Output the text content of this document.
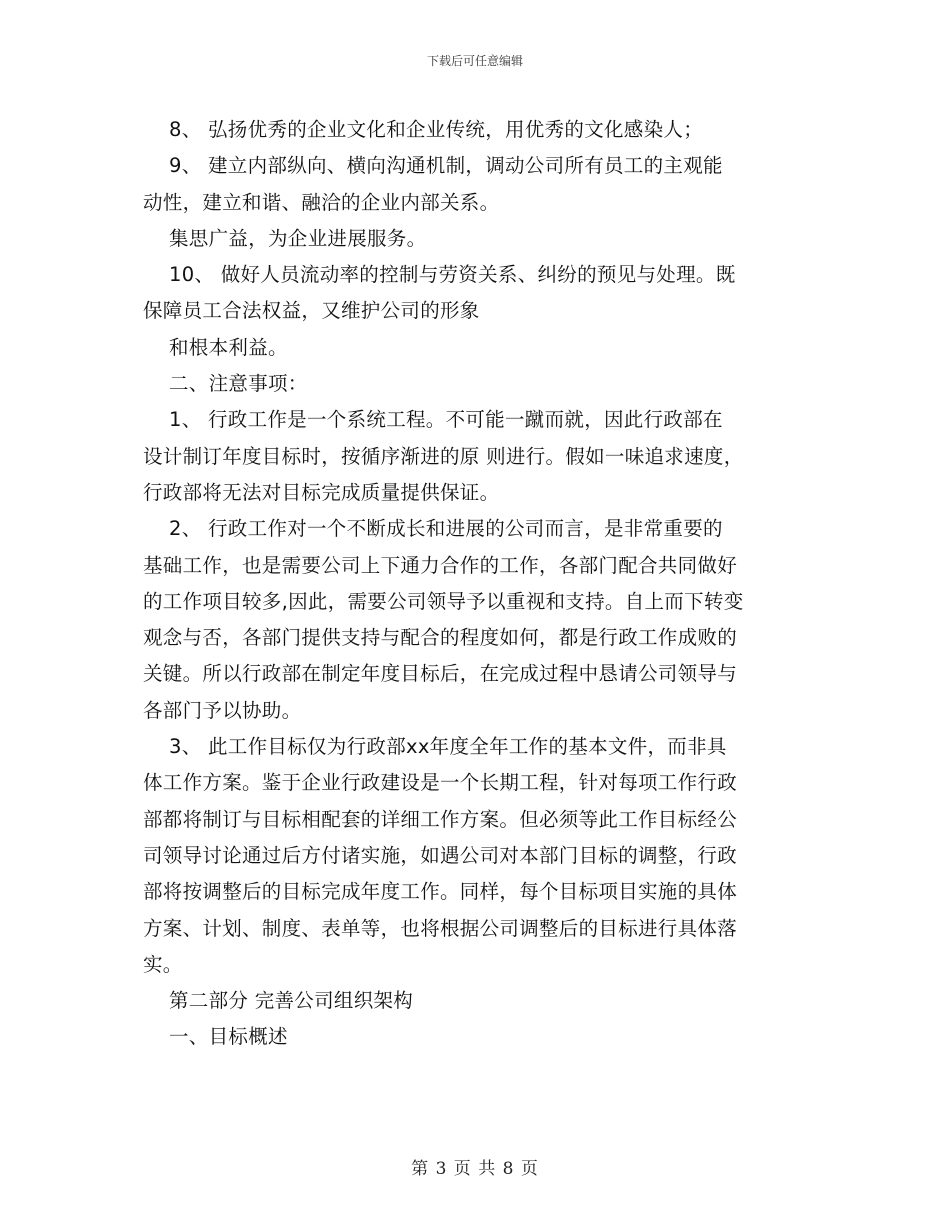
下载后可任意编辑
8、 弘扬优秀的企业文化和企业传统，用优秀的文化感染人；
9、 建立内部纵向、横向沟通机制，调动公司所有员工的主观能
动性，建立和谐、融洽的企业内部关系。
集思广益，为企业进展服务。
10、 做好人员流动率的控制与劳资关系、纠纷的预见与处理。既
保障员工合法权益，又维护公司的形象
和根本利益。
二、注意事项：
1、 行政工作是一个系统工程。不可能一蹴而就，因此行政部在
设计制订年度目标时，按循序渐进的原 则进行。假如一味追求速度，
行政部将无法对目标完成质量提供保证。
2、 行政工作对一个不断成长和进展的公司而言，是非常重要的
基础工作，也是需要公司上下通力合作的工作，各部门配合共同做好
的工作项目较多,因此，需要公司领导予以重视和支持。自上而下转变
观念与否，各部门提供支持与配合的程度如何，都是行政工作成败的
关键。所以行政部在制定年度目标后，在完成过程中恳请公司领导与
各部门予以协助。
3、 此工作目标仅为行政部xx年度全年工作的基本文件，而非具
体工作方案。鉴于企业行政建设是一个长期工程，针对每项工作行政
部都将制订与目标相配套的详细工作方案。但必须等此工作目标经公
司领导讨论通过后方付诸实施，如遇公司对本部门目标的调整，行政
部将按调整后的目标完成年度工作。同样，每个目标项目实施的具体
方案、计划、制度、表单等，也将根据公司调整后的目标进行具体落
实。
第二部分 完善公司组织架构
一、目标概述
第 3 页 共 8 页
